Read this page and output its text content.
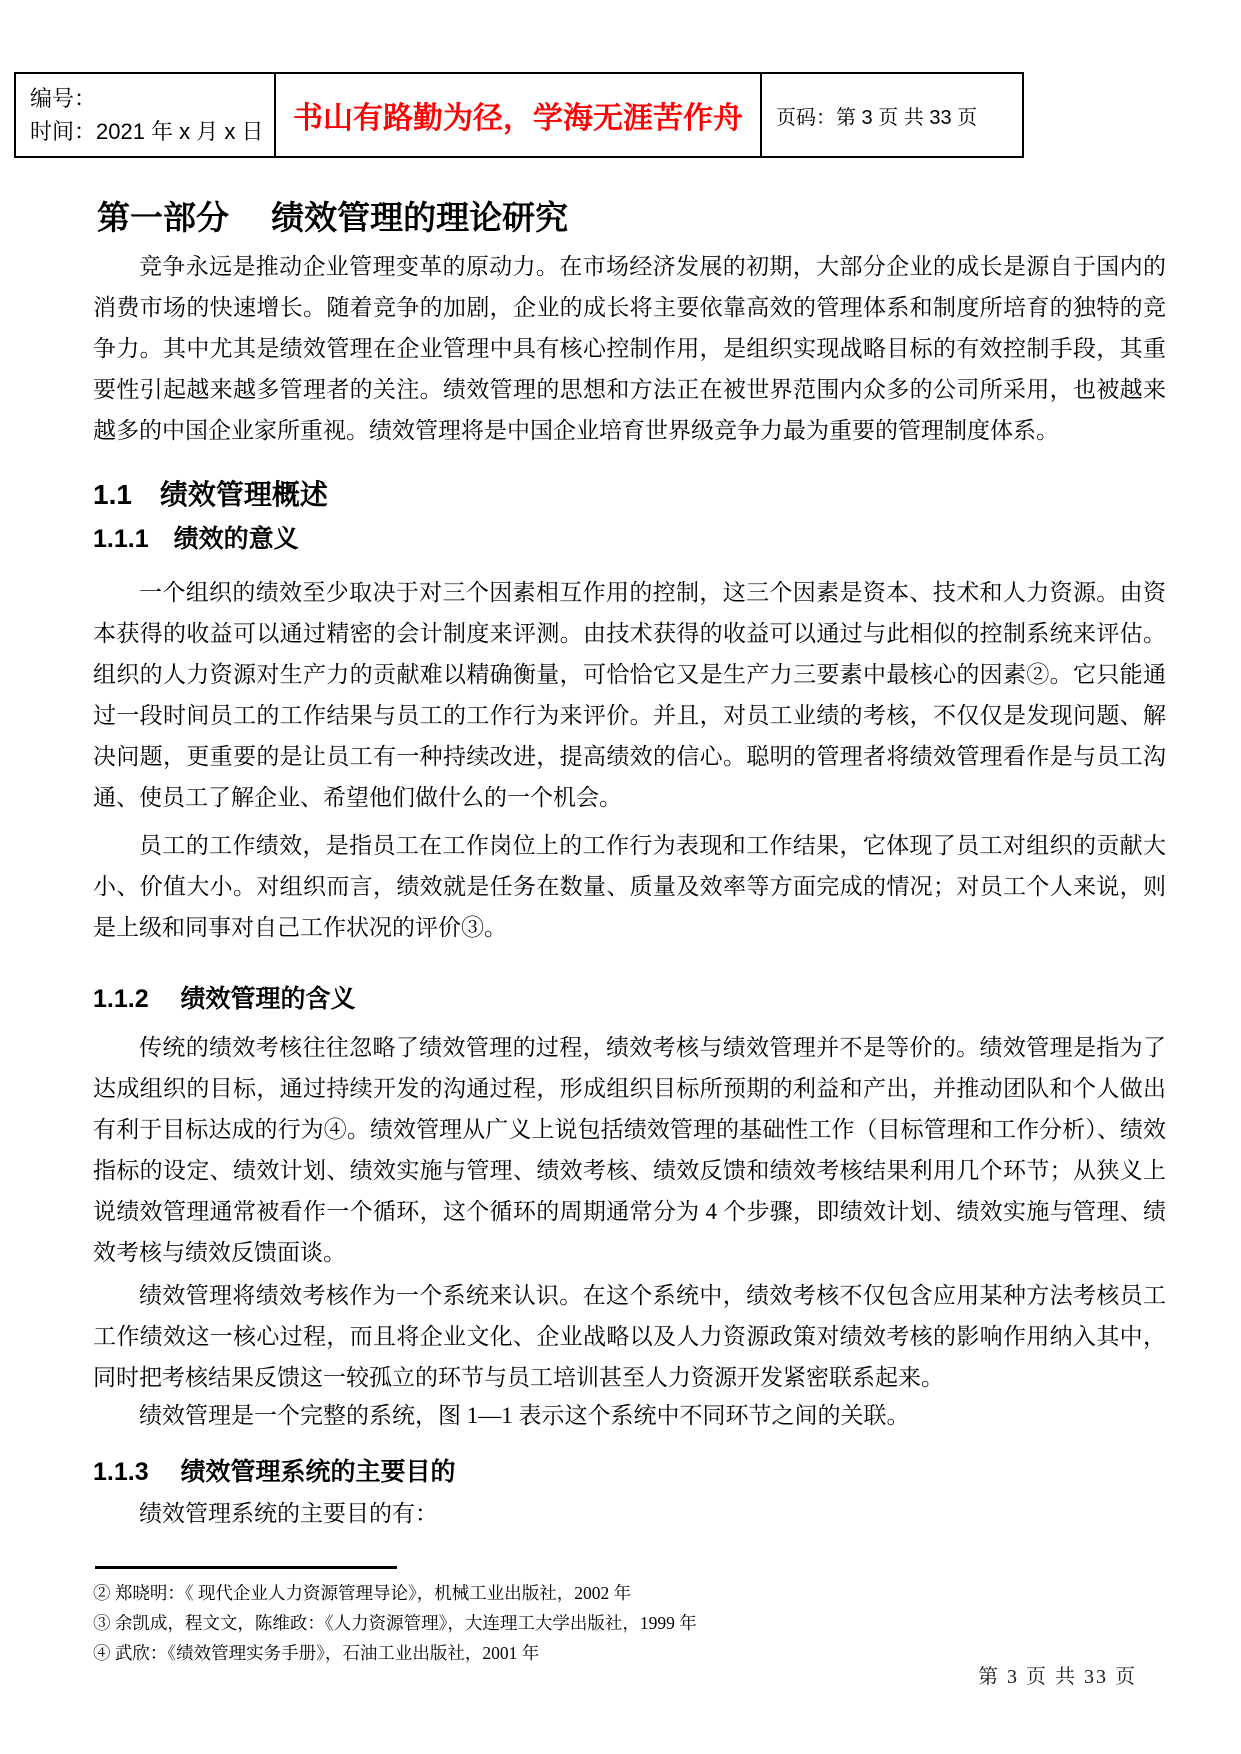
编号：
时间：2021 年 x 月 x 日 书山有路勤为径，学海无涯苦作舟 页码：第 3 页 共 33 页
第一部分　 绩效管理的理论研究

竞争永远是推动企业管理变革的原动力。在市场经济发展的初期，大部分企业的成长是源自于国内的消费市场的快速增长。随着竞争的加剧，企业的成长将主要依靠高效的管理体系和制度所培育的独特的竞争力。其中尤其是绩效管理在企业管理中具有核心控制作用，是组织实现战略目标的有效控制手段，其重要性引起越来越多管理者的关注。绩效管理的思想和方法正在被世界范围内众多的公司所采用，也被越来越多的中国企业家所重视。绩效管理将是中国企业培育世界级竞争力最为重要的管理制度体系。

1.1　绩效管理概述
1.1.1　绩效的意义

一个组织的绩效至少取决于对三个因素相互作用的控制，这三个因素是资本、技术和人力资源。由资本获得的收益可以通过精密的会计制度来评测。由技术获得的收益可以通过与此相似的控制系统来评估。组织的人力资源对生产力的贡献难以精确衡量，可恰恰它又是生产力三要素中最核心的因素②。它只能通过一段时间员工的工作结果与员工的工作行为来评价。并且，对员工业绩的考核，不仅仅是发现问题、解决问题，更重要的是让员工有一种持续改进，提高绩效的信心。聪明的管理者将绩效管理看作是与员工沟通、使员工了解企业、希望他们做什么的一个机会。

员工的工作绩效，是指员工在工作岗位上的工作行为表现和工作结果，它体现了员工对组织的贡献大小、价值大小。对组织而言，绩效就是任务在数量、质量及效率等方面完成的情况；对员工个人来说，则是上级和同事对自己工作状况的评价③。

1.1.2　 绩效管理的含义

传统的绩效考核往往忽略了绩效管理的过程，绩效考核与绩效管理并不是等价的。绩效管理是指为了达成组织的目标，通过持续开发的沟通过程，形成组织目标所预期的利益和产出，并推动团队和个人做出有利于目标达成的行为④。绩效管理从广义上说包括绩效管理的基础性工作（目标管理和工作分析）、绩效指标的设定、绩效计划、绩效实施与管理、绩效考核、绩效反馈和绩效考核结果利用几个环节；从狭义上说绩效管理通常被看作一个循环，这个循环的周期通常分为 4 个步骤，即绩效计划、绩效实施与管理、绩效考核与绩效反馈面谈。

绩效管理将绩效考核作为一个系统来认识。在这个系统中，绩效考核不仅包含应用某种方法考核员工工作绩效这一核心过程，而且将企业文化、企业战略以及人力资源政策对绩效考核的影响作用纳入其中，同时把考核结果反馈这一较孤立的环节与员工培训甚至人力资源开发紧密联系起来。

绩效管理是一个完整的系统，图 1—1 表示这个系统中不同环节之间的关联。

1.1.3　 绩效管理系统的主要目的

绩效管理系统的主要目的有：

② 郑晓明：《 现代企业人力资源管理导论》，机械工业出版社，2002 年

③ 余凯成，程文文，陈维政：《人力资源管理》，大连理工大学出版社，1999 年

④ 武欣：《绩效管理实务手册》，石油工业出版社，2001 年

第 3 页 共 33 页
